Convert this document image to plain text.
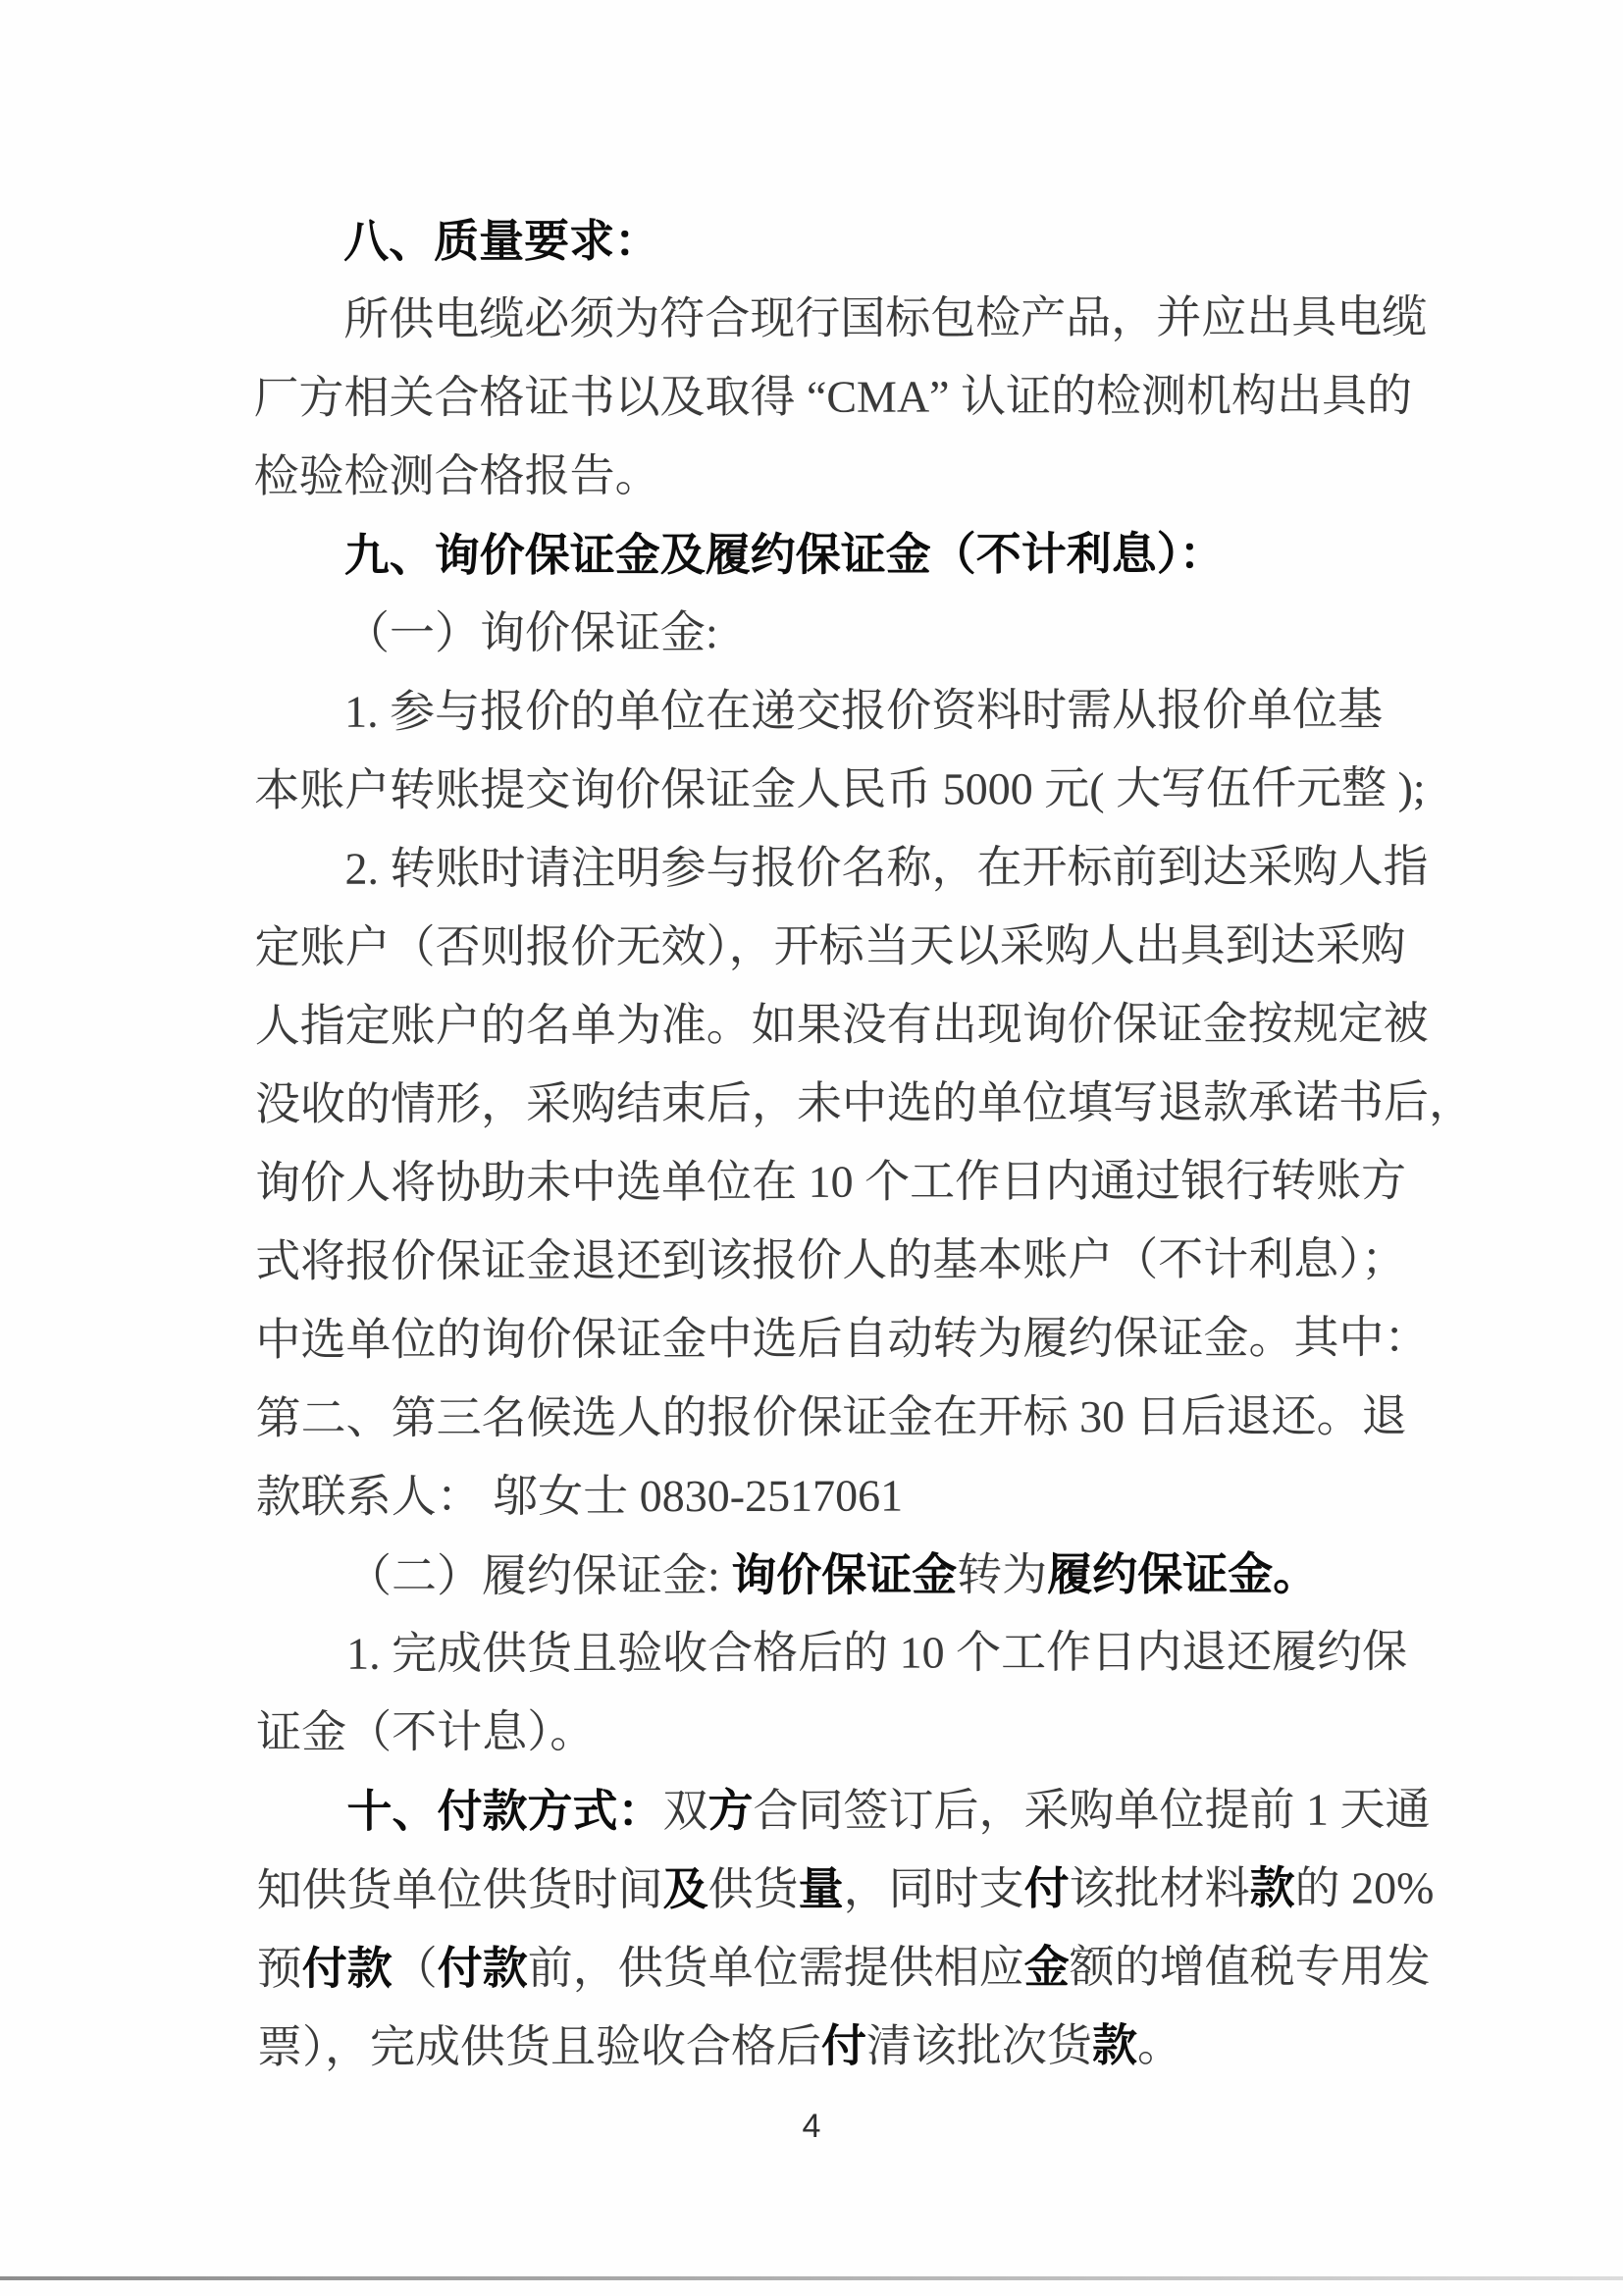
八、质量要求：
所供电缆必须为符合现行国标包检产品，并应出具电缆
厂方相关合格证书以及取得 “CMA” 认证的检测机构出具的
检验检测合格报告。
九、询价保证金及履约保证金（不计利息）：
（一）询价保证金:
1. 参与报价的单位在递交报价资料时需从报价单位基
本账户转账提交询价保证金人民币 5000 元( 大写伍仟元整 );
2. 转账时请注明参与报价名称，在开标前到达采购人指
定账户（否则报价无效），开标当天以采购人出具到达采购
人指定账户的名单为准。如果没有出现询价保证金按规定被
没收的情形，采购结束后，未中选的单位填写退款承诺书后，
询价人将协助未中选单位在 10 个工作日内通过银行转账方
式将报价保证金退还到该报价人的基本账户（不计利息）；
中选单位的询价保证金中选后自动转为履约保证金。其中：
第二、第三名候选人的报价保证金在开标 30 日后退还。退
款联系人： 邬女士 0830-2517061
（二）履约保证金: 询价保证金转为履约保证金。
1. 完成供货且验收合格后的 10 个工作日内退还履约保
证金（不计息）。
十、付款方式：双方合同签订后，采购单位提前 1 天通
知供货单位供货时间及供货量，同时支付该批材料款的 20%
预付款（付款前，供货单位需提供相应金额的增值税专用发
票），完成供货且验收合格后付清该批次货款。
4
